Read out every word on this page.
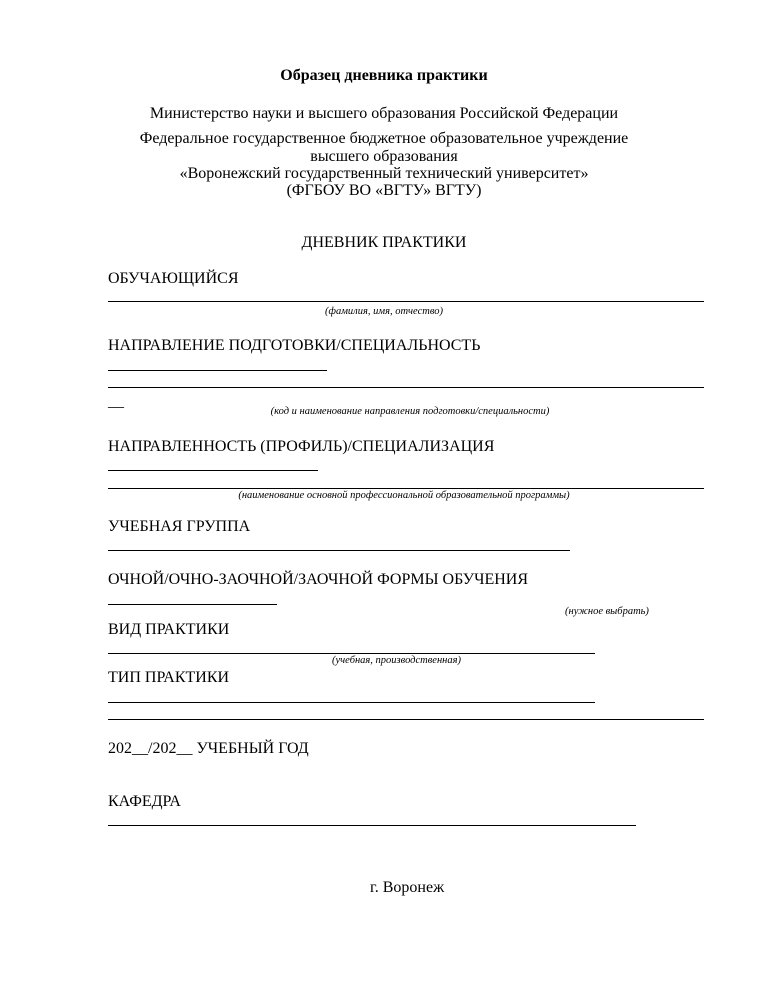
Образец дневника практики
Министерство науки и высшего образования Российской Федерации
Федеральное государственное бюджетное образовательное учреждение
высшего образования
«Воронежский государственный технический университет»
(ФГБОУ ВО «ВГТУ» ВГТУ)
ДНЕВНИК ПРАКТИКИ
ОБУЧАЮЩИЙСЯ
(фамилия, имя, отчество)
НАПРАВЛЕНИЕ ПОДГОТОВКИ/СПЕЦИАЛЬНОСТЬ
__
(код и наименование направления подготовки/специальности)
НАПРАВЛЕННОСТЬ (ПРОФИЛЬ)/СПЕЦИАЛИЗАЦИЯ
(наименование основной профессиональной образовательной программы)
УЧЕБНАЯ ГРУППА
ОЧНОЙ/ОЧНО-ЗАОЧНОЙ/ЗАОЧНОЙ ФОРМЫ ОБУЧЕНИЯ
(нужное выбрать)
ВИД ПРАКТИКИ
(учебная, производственная)
ТИП ПРАКТИКИ
202__/202__ УЧЕБНЫЙ ГОД
КАФЕДРА
г. Воронеж
